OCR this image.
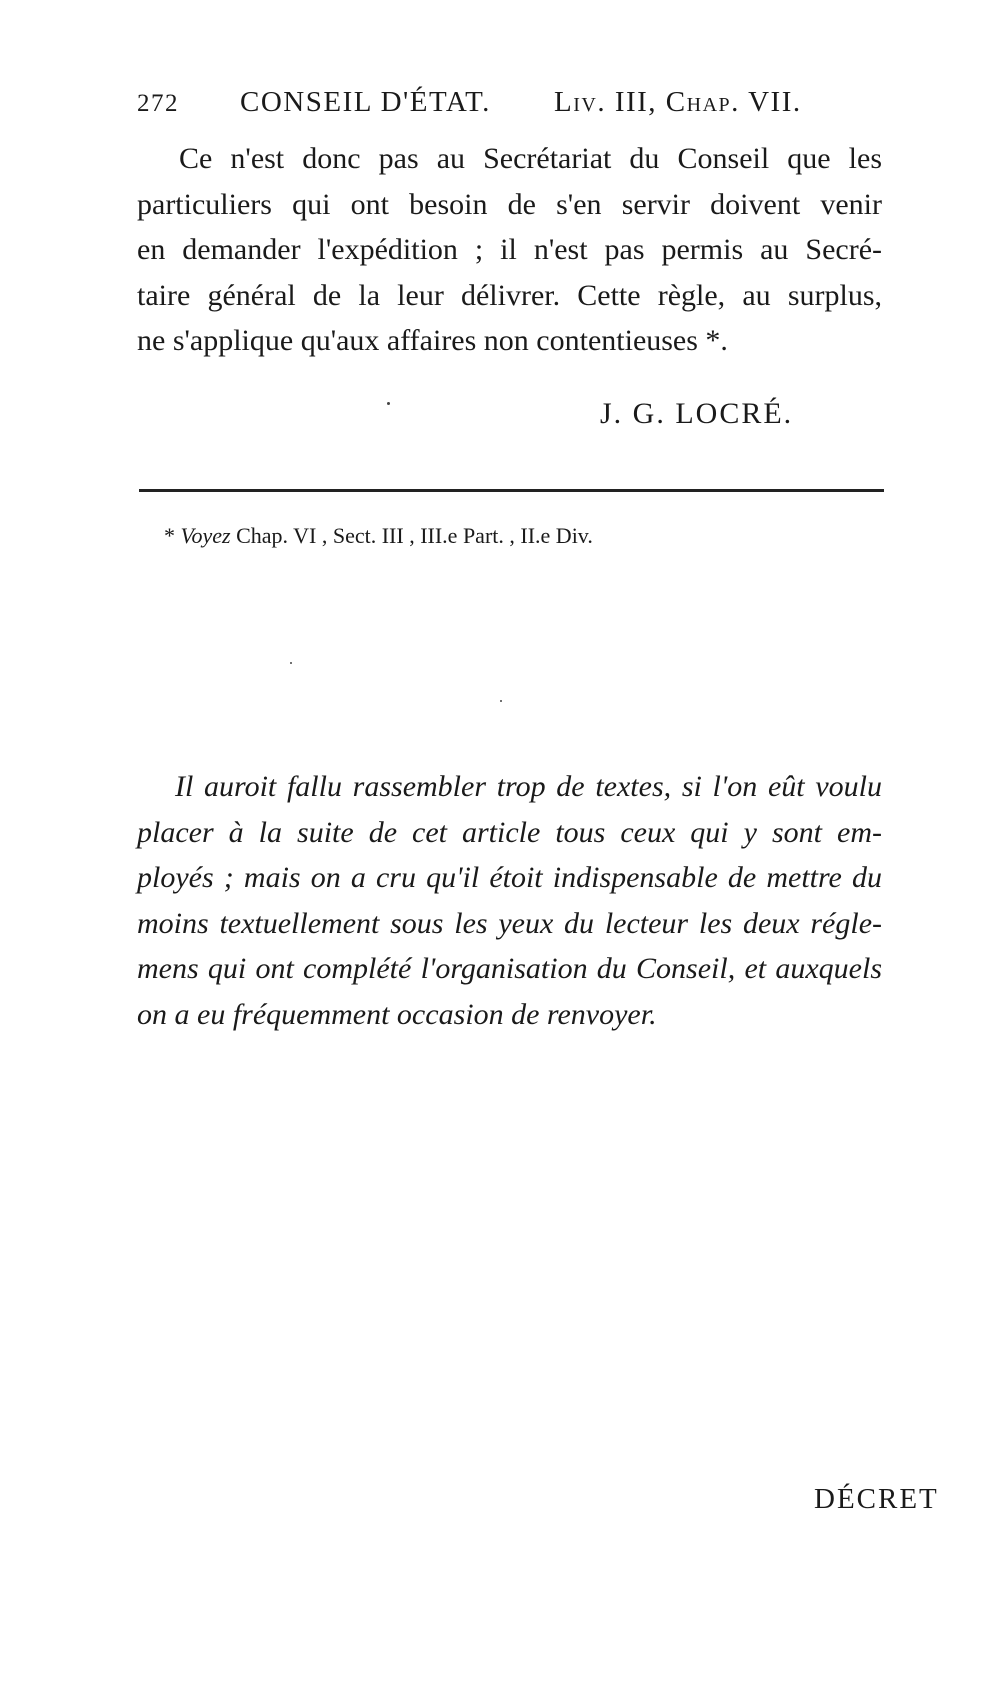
272 CONSEIL D'ÉTAT. Liv. III, Chap. VII.
Ce n'est donc pas au Secrétariat du Conseil que les
particuliers qui ont besoin de s'en servir doivent venir
en demander l'expédition ; il n'est pas permis au Secré-
taire général de la leur délivrer. Cette règle, au surplus,
ne s'applique qu'aux affaires non contentieuses *.
J. G. LOCRÉ.
* Voyez Chap. VI , Sect. III , III.e Part. , II.e Div.
Il auroit fallu rassembler trop de textes, si l'on eût voulu
placer à la suite de cet article tous ceux qui y sont em-
ployés ; mais on a cru qu'il étoit indispensable de mettre du
moins textuellement sous les yeux du lecteur les deux régle-
mens qui ont complété l'organisation du Conseil, et auxquels
on a eu fréquemment occasion de renvoyer.
DÉCRET
